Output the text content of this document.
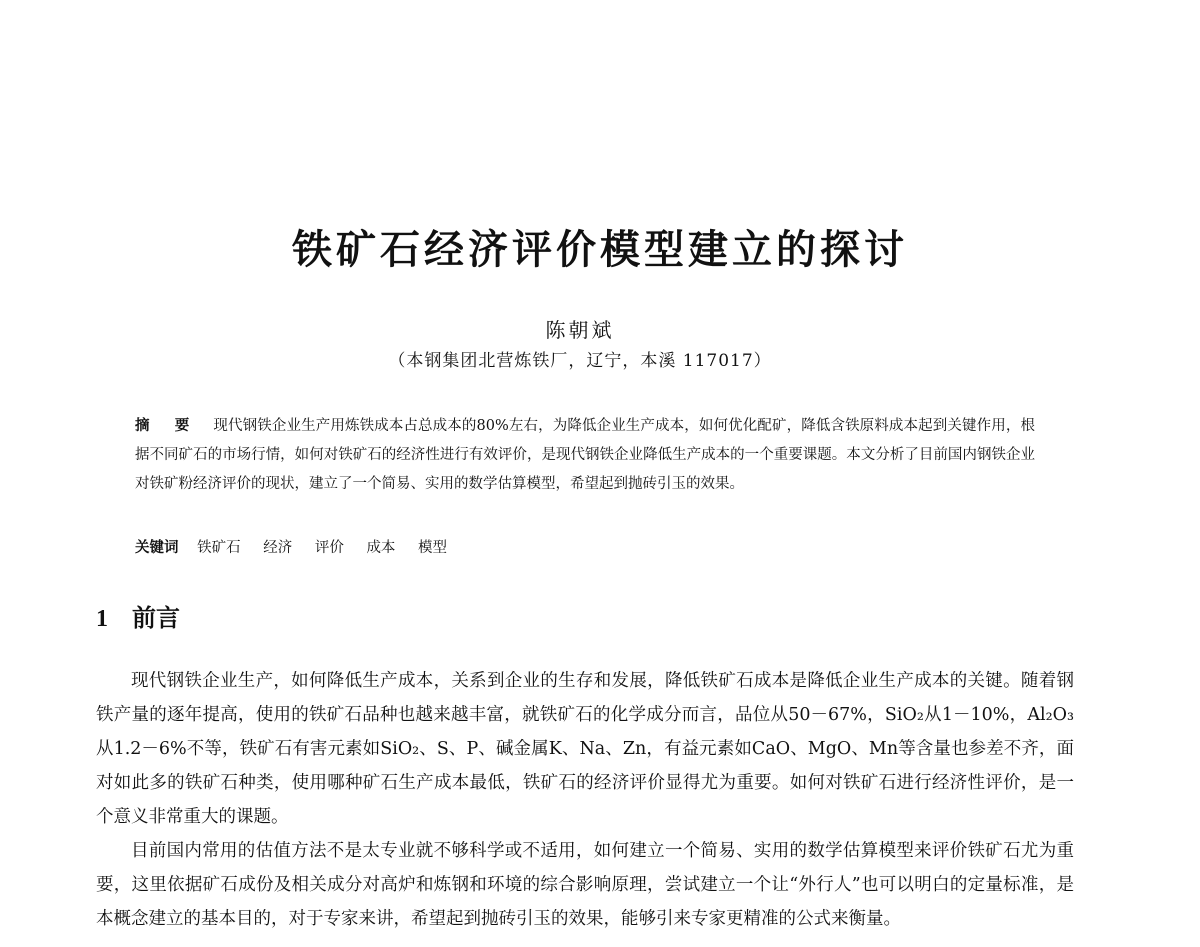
铁矿石经济评价模型建立的探讨
陈朝斌
（本钢集团北营炼铁厂，辽宁，本溪 117017）
摘 要 现代钢铁企业生产用炼铁成本占总成本的80%左右，为降低企业生产成本，如何优化配矿，降低含铁原料成本起到关键作用，根据不同矿石的市场行情，如何对铁矿石的经济性进行有效评价，是现代钢铁企业降低生产成本的一个重要课题。本文分析了目前国内钢铁企业对铁矿粉经济评价的现状，建立了一个简易、实用的数学估算模型，希望起到抛砖引玉的效果。
关键词 铁矿石 经济 评价 成本 模型
1 前言

现代钢铁企业生产，如何降低生产成本，关系到企业的生存和发展，降低铁矿石成本是降低企业生产成本的关键。随着钢铁产量的逐年提高，使用的铁矿石品种也越来越丰富，就铁矿石的化学成分而言，品位从50－67%，SiO₂从1－10%，Al₂O₃从1.2－6%不等，铁矿石有害元素如SiO₂、S、P、碱金属K、Na、Zn，有益元素如CaO、MgO、Mn等含量也参差不齐，面对如此多的铁矿石种类，使用哪种矿石生产成本最低，铁矿石的经济评价显得尤为重要。如何对铁矿石进行经济性评价，是一个意义非常重大的课题。

目前国内常用的估值方法不是太专业就不够科学或不适用，如何建立一个简易、实用的数学估算模型来评价铁矿石尤为重要，这里依据矿石成份及相关成分对高炉和炼钢和环境的综合影响原理，尝试建立一个让“外行人”也可以明白的定量标准，是本概念建立的基本目的，对于专家来讲，希望起到抛砖引玉的效果，能够引来专家更精准的公式来衡量。
